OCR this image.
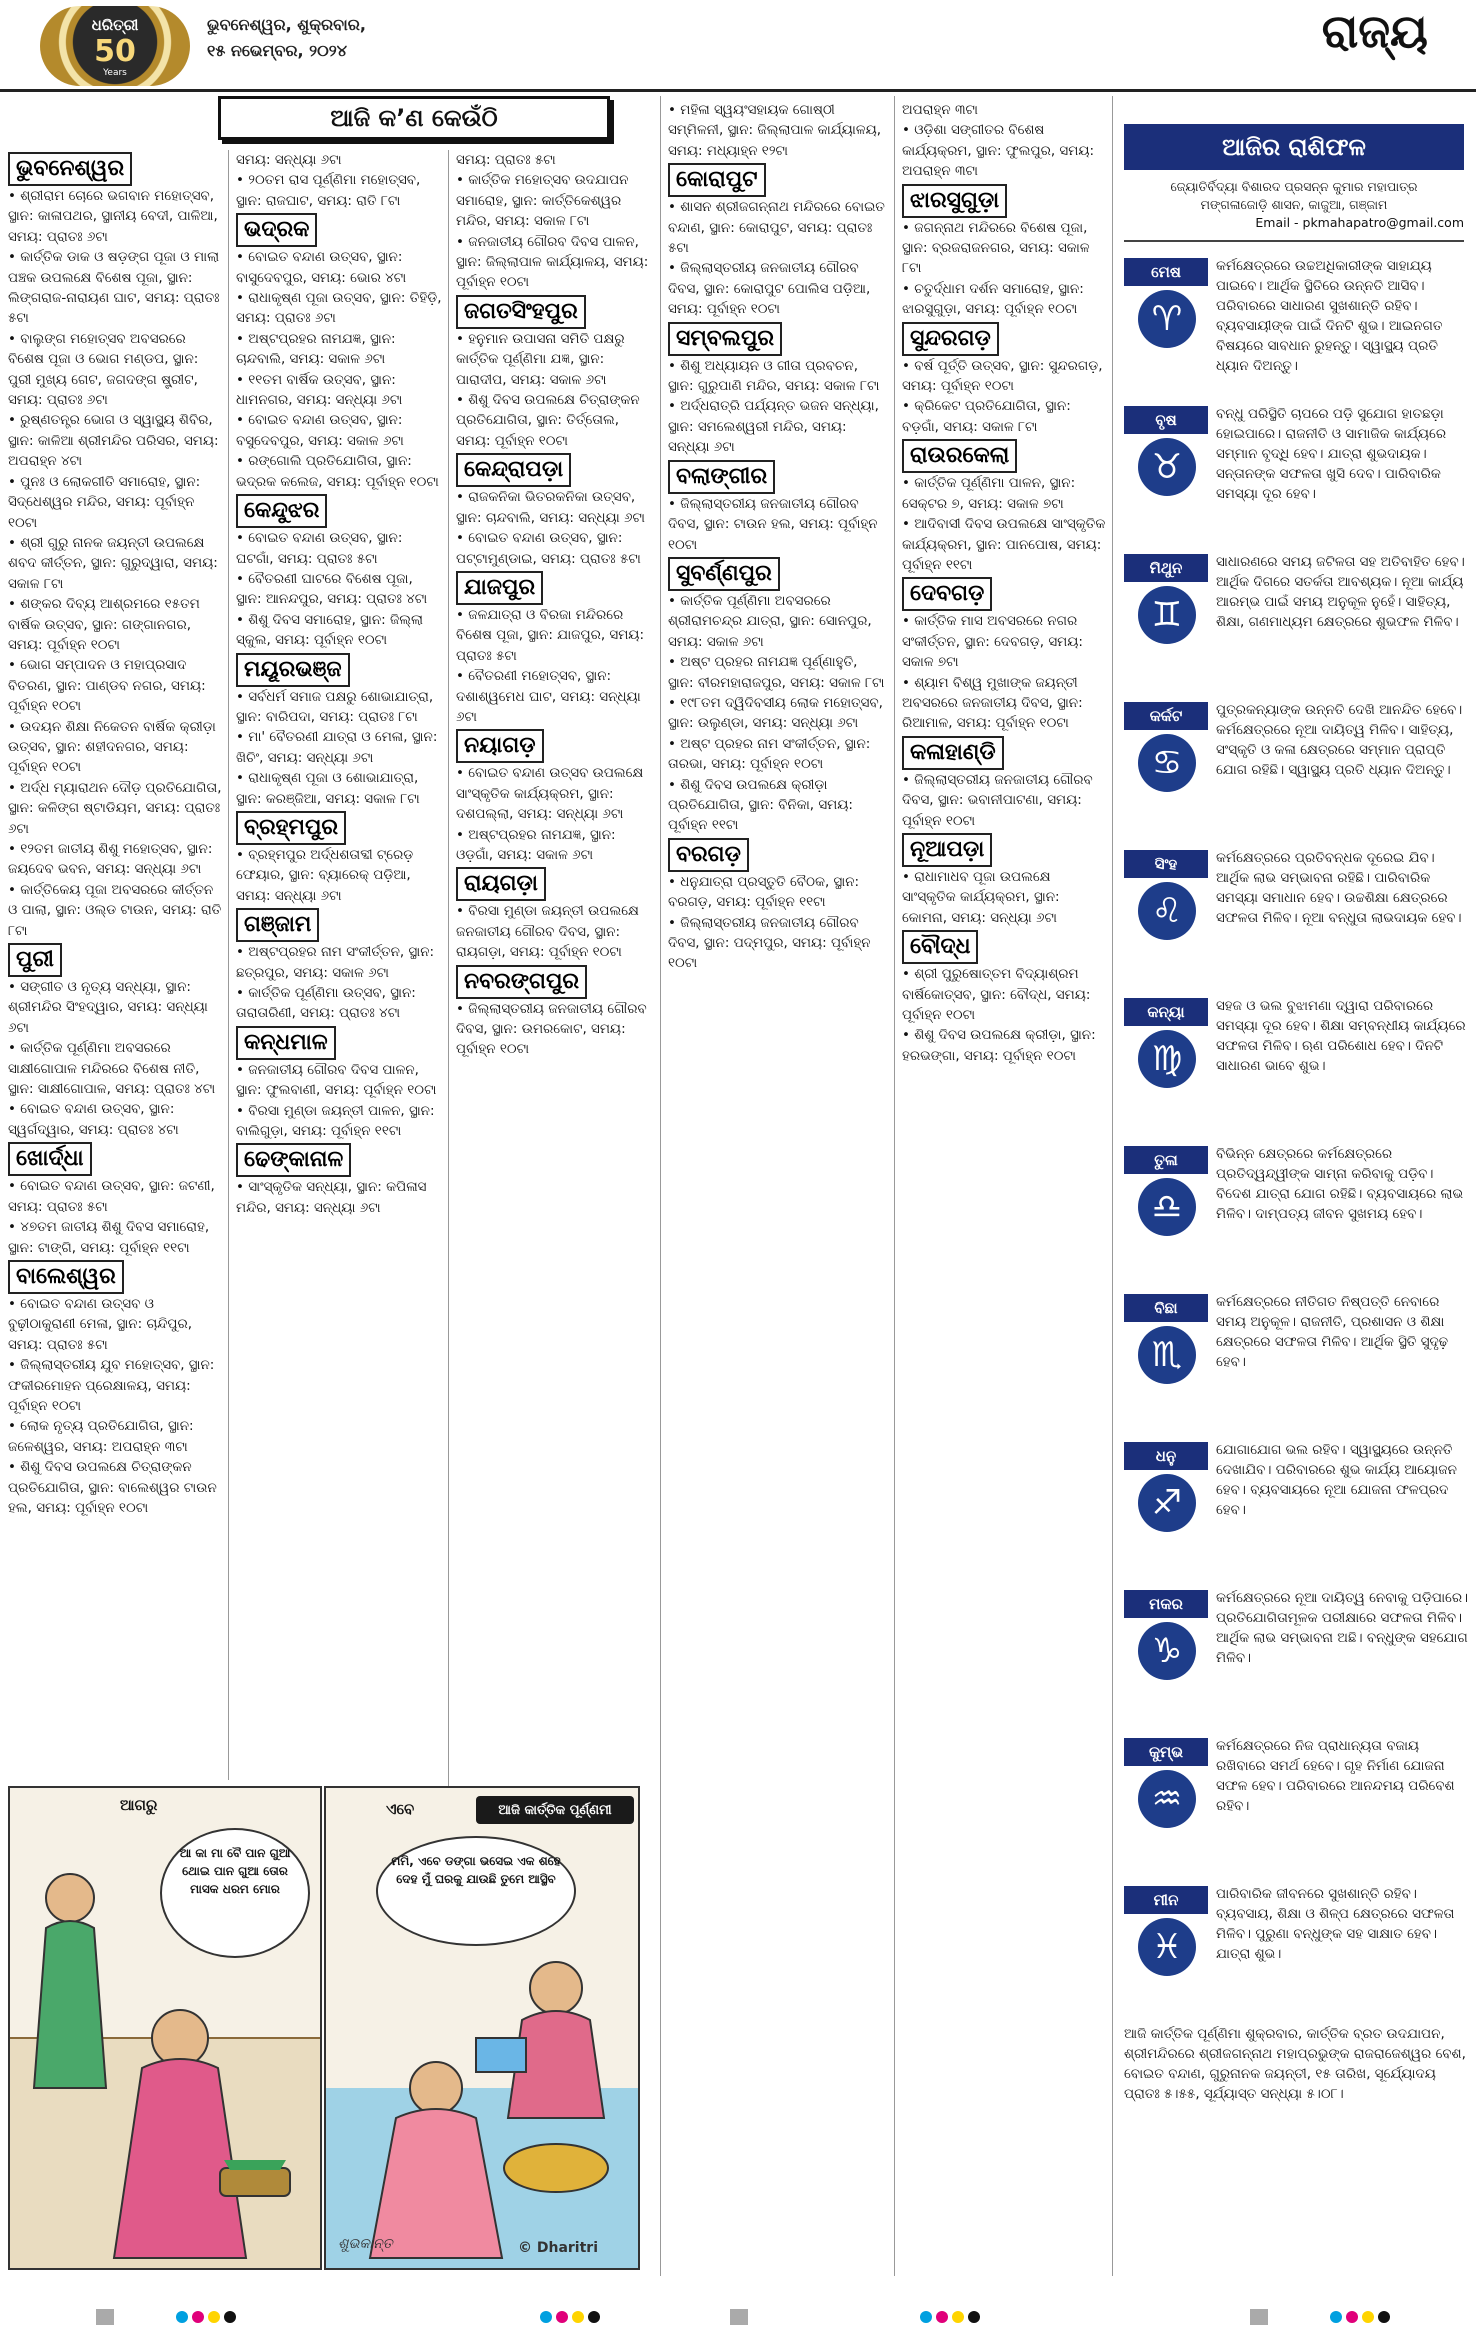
ଧରିତ୍ରୀ
50
Years
ଭୁବନେଶ୍ୱର, ଶୁକ୍ରବାର,
୧୫ ନଭେମ୍ବର, ୨୦୨୪	ରାଜ୍ୟ
ଆଜି କ’ଣ କେଉଁଠି
ଭୁବନେଶ୍ୱର

• ଶ୍ରୀରାମ ଚୋରେ ଭଗବାନ ମହୋତ୍ସବ, ସ୍ଥାନ: କାଳାପଥର, ସ୍ଥାନୀୟ ବେଦୀ, ପାଳିଆ, ସମୟ: ପ୍ରାତଃ ୬ଟା

• କାର୍ତ୍ତିକ ଡାକ ଓ ଷଡ଼ଙ୍ଗ ପୂଜା ଓ ମାଲା ପଞ୍ଚକ ଉପଲକ୍ଷେ ବିଶେଷ ପୂଜା, ସ୍ଥାନ: ଲିଙ୍ଗରାଜ-ନାରାୟଣ ଘାଟ, ସମୟ: ପ୍ରାତଃ ୫ଟା

• ବାଲୁଙ୍ଗ ମହୋତ୍ସବ ଅବସରରେ ବିଶେଷ ପୂଜା ଓ ଭୋଗ ମଣ୍ଡପ, ସ୍ଥାନ: ପୁରୀ ମୁଖ୍ୟ ଗେଟ, ଜଗଦଙ୍ଗ ଷ୍ଟ୍ରୀଟ, ସମୟ: ପ୍ରାତଃ ୬ଟା

• ରୁଷ୍ଣତନ୍ତ୍ର ଭୋଗ ଓ ସ୍ୱାସ୍ଥ୍ୟ ଶିବିର, ସ୍ଥାନ: କାଳିଆ ଶ୍ରୀମନ୍ଦିର ପରିସର, ସମୟ: ଅପରାହ୍ନ ୪ଟା

• ପୁନଃ ଓ ଲୋକଗୀତି ସମାରୋହ, ସ୍ଥାନ: ସିଦ୍ଧେଶ୍ୱର ମନ୍ଦିର, ସମୟ: ପୂର୍ବାହ୍ନ ୧୦ଟା

• ଶ୍ରୀ ଗୁରୁ ନାନକ ଜୟନ୍ତୀ ଉପଲକ୍ଷେ ଶବଦ କୀର୍ତ୍ତନ, ସ୍ଥାନ: ଗୁରୁଦ୍ୱାରା, ସମୟ: ସକାଳ ୮ଟା

• ଶଙ୍କର ଦିବ୍ୟ ଆଶ୍ରମରେ ୧୫ତମ ବାର୍ଷିକ ଉତ୍ସବ, ସ୍ଥାନ: ଗଙ୍ଗାନଗର, ସମୟ: ପୂର୍ବାହ୍ନ ୧୦ଟା

• ଭୋଗ ସମ୍ପାଦନ ଓ ମହାପ୍ରସାଦ ବିତରଣ, ସ୍ଥାନ: ପାଣ୍ଡବ ନଗର, ସମୟ: ପୂର୍ବାହ୍ନ ୧୦ଟା

• ଉଦୟନ ଶିକ୍ଷା ନିକେତନ ବାର୍ଷିକ କ୍ରୀଡ଼ା ଉତ୍ସବ, ସ୍ଥାନ: ଶହୀଦନଗର, ସମୟ: ପୂର୍ବାହ୍ନ ୧୦ଟା

• ଅର୍ଦ୍ଧ ମ୍ୟାରାଥନ ଦୌଡ଼ ପ୍ରତିଯୋଗିତା, ସ୍ଥାନ: କଳିଙ୍ଗ ଷ୍ଟାଡିୟମ, ସମୟ: ପ୍ରାତଃ ୬ଟା

• ୧୨ତମ ଜାତୀୟ ଶିଶୁ ମହୋତ୍ସବ, ସ୍ଥାନ: ଜୟଦେବ ଭବନ, ସମୟ: ସନ୍ଧ୍ୟା ୬ଟା

• କାର୍ତ୍ତିକେୟ ପୂଜା ଅବସରରେ କୀର୍ତ୍ତନ ଓ ପାଲା, ସ୍ଥାନ: ଓଲ୍ଡ ଟାଉନ, ସମୟ: ରାତି ୮ଟା

ପୁରୀ

• ସଙ୍ଗୀତ ଓ ନୃତ୍ୟ ସନ୍ଧ୍ୟା, ସ୍ଥାନ: ଶ୍ରୀମନ୍ଦିର ସିଂହଦ୍ୱାର, ସମୟ: ସନ୍ଧ୍ୟା ୬ଟା

• କାର୍ତ୍ତିକ ପୂର୍ଣ୍ଣିମା ଅବସରରେ ସାକ୍ଷୀଗୋପାଳ ମନ୍ଦିରରେ ବିଶେଷ ନୀତି, ସ୍ଥାନ: ସାକ୍ଷୀଗୋପାଳ, ସମୟ: ପ୍ରାତଃ ୪ଟା

• ବୋଇତ ବନ୍ଦାଣ ଉତ୍ସବ, ସ୍ଥାନ: ସ୍ୱର୍ଗଦ୍ୱାର, ସମୟ: ପ୍ରାତଃ ୪ଟା

ଖୋର୍ଦ୍ଧା

• ବୋଇତ ବନ୍ଦାଣ ଉତ୍ସବ, ସ୍ଥାନ: ଜଟଣୀ, ସମୟ: ପ୍ରାତଃ ୫ଟା

• ୪୭ତମ ଜାତୀୟ ଶିଶୁ ଦିବସ ସମାରୋହ, ସ୍ଥାନ: ଟାଙ୍ଗି, ସମୟ: ପୂର୍ବାହ୍ନ ୧୧ଟା

ବାଲେଶ୍ୱର

• ବୋଇତ ବନ୍ଦାଣ ଉତ୍ସବ ଓ ବୁଢ଼ୀଠାକୁରାଣୀ ମେଳା, ସ୍ଥାନ: ଚାନ୍ଦିପୁର, ସମୟ: ପ୍ରାତଃ ୫ଟା

• ଜିଲ୍ଲାସ୍ତରୀୟ ଯୁବ ମହୋତ୍ସବ, ସ୍ଥାନ: ଫକୀରମୋହନ ପ୍ରେକ୍ଷାଳୟ, ସମୟ: ପୂର୍ବାହ୍ନ ୧୦ଟା

• ଲୋକ ନୃତ୍ୟ ପ୍ରତିଯୋଗିତା, ସ୍ଥାନ: ଜଳେଶ୍ୱର, ସମୟ: ଅପରାହ୍ନ ୩ଟା

• ଶିଶୁ ଦିବସ ଉପଲକ୍ଷେ ଚିତ୍ରାଙ୍କନ ପ୍ରତିଯୋଗିତା, ସ୍ଥାନ: ବାଲେଶ୍ୱର ଟାଉନ ହଲ, ସମୟ: ପୂର୍ବାହ୍ନ ୧୦ଟା

ସମୟ: ସନ୍ଧ୍ୟା ୬ଟା

• ୨୦ତମ ରାସ ପୂର୍ଣ୍ଣିମା ମହୋତ୍ସବ, ସ୍ଥାନ: ରାଜଘାଟ, ସମୟ: ରାତି ୮ଟା

ଭଦ୍ରକ

• ବୋଇତ ବନ୍ଦାଣ ଉତ୍ସବ, ସ୍ଥାନ: ବାସୁଦେବପୁର, ସମୟ: ଭୋର ୪ଟା

• ରାଧାକୃଷ୍ଣ ପୂଜା ଉତ୍ସବ, ସ୍ଥାନ: ତିହିଡ଼ି, ସମୟ: ପ୍ରାତଃ ୬ଟା

• ଅଷ୍ଟପ୍ରହର ନାମଯଜ୍ଞ, ସ୍ଥାନ: ଚାନ୍ଦବାଲି, ସମୟ: ସକାଳ ୬ଟା

• ୧୧ତମ ବାର୍ଷିକ ଉତ୍ସବ, ସ୍ଥାନ: ଧାମନଗର, ସମୟ: ସନ୍ଧ୍ୟା ୬ଟା

• ବୋଇତ ବନ୍ଦାଣ ଉତ୍ସବ, ସ୍ଥାନ: ବସୁଦେବପୁର, ସମୟ: ସକାଳ ୬ଟା

• ରଙ୍ଗୋଲି ପ୍ରତିଯୋଗିତା, ସ୍ଥାନ: ଭଦ୍ରକ କଲେଜ, ସମୟ: ପୂର୍ବାହ୍ନ ୧୦ଟା

କେନ୍ଦୁଝର

• ବୋଇତ ବନ୍ଦାଣ ଉତ୍ସବ, ସ୍ଥାନ: ଘଟଗାଁ, ସମୟ: ପ୍ରାତଃ ୫ଟା

• ବୈତରଣୀ ଘାଟରେ ବିଶେଷ ପୂଜା, ସ୍ଥାନ: ଆନନ୍ଦପୁର, ସମୟ: ପ୍ରାତଃ ୪ଟା

• ଶିଶୁ ଦିବସ ସମାରୋହ, ସ୍ଥାନ: ଜିଲ୍ଲା ସ୍କୁଲ, ସମୟ: ପୂର୍ବାହ୍ନ ୧୦ଟା

ମୟୂରଭଞ୍ଜ

• ସର୍ବଧର୍ମ ସମାଜ ପକ୍ଷରୁ ଶୋଭାଯାତ୍ରା, ସ୍ଥାନ: ବାରିପଦା, ସମୟ: ପ୍ରାତଃ ୮ଟା

• ମା' ବୈତରଣୀ ଯାତ୍ରା ଓ ମେଳା, ସ୍ଥାନ: ଖିଚିଂ, ସମୟ: ସନ୍ଧ୍ୟା ୬ଟା

• ରାଧାକୃଷ୍ଣ ପୂଜା ଓ ଶୋଭାଯାତ୍ରା, ସ୍ଥାନ: କରଞ୍ଜିଆ, ସମୟ: ସକାଳ ୮ଟା

ବ୍ରହ୍ମପୁର

• ବ୍ରହ୍ମପୁର ଅର୍ଦ୍ଧଶତାବ୍ଦୀ ଟ୍ରେଡ଼ ଫେୟାର, ସ୍ଥାନ: ବ୍ୟାରେକ୍ ପଡ଼ିଆ, ସମୟ: ସନ୍ଧ୍ୟା ୬ଟା

ଗଞ୍ଜାମ

• ଅଷ୍ଟପ୍ରହର ନାମ ସଂକୀର୍ତ୍ତନ, ସ୍ଥାନ: ଛତ୍ରପୁର, ସମୟ: ସକାଳ ୬ଟା

• କାର୍ତ୍ତିକ ପୂର୍ଣ୍ଣିମା ଉତ୍ସବ, ସ୍ଥାନ: ତାରାତାରିଣୀ, ସମୟ: ପ୍ରାତଃ ୪ଟା

କନ୍ଧମାଳ

• ଜନଜାତୀୟ ଗୌରବ ଦିବସ ପାଳନ, ସ୍ଥାନ: ଫୁଲବାଣୀ, ସମୟ: ପୂର୍ବାହ୍ନ ୧୦ଟା

• ବିରସା ମୁଣ୍ଡା ଜୟନ୍ତୀ ପାଳନ, ସ୍ଥାନ: ବାଲିଗୁଡ଼ା, ସମୟ: ପୂର୍ବାହ୍ନ ୧୧ଟା

ଢେଙ୍କାନାଳ

• ସାଂସ୍କୃତିକ ସନ୍ଧ୍ୟା, ସ୍ଥାନ: କପିଳାସ ମନ୍ଦିର, ସମୟ: ସନ୍ଧ୍ୟା ୬ଟା

ସମୟ: ପ୍ରାତଃ ୫ଟା

• କାର୍ତ୍ତିକ ମହୋତ୍ସବ ଉଦଯାପନ ସମାରୋହ, ସ୍ଥାନ: କାର୍ତ୍ତିକେଶ୍ୱର ମନ୍ଦିର, ସମୟ: ସକାଳ ୮ଟା

• ଜନଜାତୀୟ ଗୌରବ ଦିବସ ପାଳନ, ସ୍ଥାନ: ଜିଲ୍ଲାପାଳ କାର୍ଯ୍ୟାଳୟ, ସମୟ: ପୂର୍ବାହ୍ନ ୧୦ଟା

ଜଗତସିଂହପୁର

• ହନୁମାନ ଉପାସନା ସମିତି ପକ୍ଷରୁ କାର୍ତ୍ତିକ ପୂର୍ଣ୍ଣିମା ଯଜ୍ଞ, ସ୍ଥାନ: ପାରାଦୀପ, ସମୟ: ସକାଳ ୬ଟା

• ଶିଶୁ ଦିବସ ଉପଲକ୍ଷେ ଚିତ୍ରାଙ୍କନ ପ୍ରତିଯୋଗିତା, ସ୍ଥାନ: ତିର୍ତ୍ତୋଲ, ସମୟ: ପୂର୍ବାହ୍ନ ୧୦ଟା

କେନ୍ଦ୍ରାପଡ଼ା

• ରାଜକନିକା ଭିତରକନିକା ଉତ୍ସବ, ସ୍ଥାନ: ଚାନ୍ଦବାଲି, ସମୟ: ସନ୍ଧ୍ୟା ୬ଟା

• ବୋଇତ ବନ୍ଦାଣ ଉତ୍ସବ, ସ୍ଥାନ: ପଟ୍ଟାମୁଣ୍ଡାଇ, ସମୟ: ପ୍ରାତଃ ୫ଟା

ଯାଜପୁର

• ଜଳଯାତ୍ରା ଓ ବିରଜା ମନ୍ଦିରରେ ବିଶେଷ ପୂଜା, ସ୍ଥାନ: ଯାଜପୁର, ସମୟ: ପ୍ରାତଃ ୫ଟା

• ବୈତରଣୀ ମହୋତ୍ସବ, ସ୍ଥାନ: ଦଶାଶ୍ୱମେଧ ଘାଟ, ସମୟ: ସନ୍ଧ୍ୟା ୬ଟା

ନୟାଗଡ଼

• ବୋଇତ ବନ୍ଦାଣ ଉତ୍ସବ ଉପଲକ୍ଷେ ସାଂସ୍କୃତିକ କାର୍ଯ୍ୟକ୍ରମ, ସ୍ଥାନ: ଦଶପଲ୍ଲା, ସମୟ: ସନ୍ଧ୍ୟା ୬ଟା

• ଅଷ୍ଟପ୍ରହର ନାମଯଜ୍ଞ, ସ୍ଥାନ: ଓଡ଼ଗାଁ, ସମୟ: ସକାଳ ୬ଟା

ରାୟଗଡ଼ା

• ବିରସା ମୁଣ୍ଡା ଜୟନ୍ତୀ ଉପଲକ୍ଷେ ଜନଜାତୀୟ ଗୌରବ ଦିବସ, ସ୍ଥାନ: ରାୟଗଡ଼ା, ସମୟ: ପୂର୍ବାହ୍ନ ୧୦ଟା

ନବରଙ୍ଗପୁର

• ଜିଲ୍ଲାସ୍ତରୀୟ ଜନଜାତୀୟ ଗୌରବ ଦିବସ, ସ୍ଥାନ: ଉମରକୋଟ, ସମୟ: ପୂର୍ବାହ୍ନ ୧୦ଟା

• ମହିଳା ସ୍ୱୟଂସହାୟକ ଗୋଷ୍ଠୀ ସମ୍ମିଳନୀ, ସ୍ଥାନ: ଜିଲ୍ଲାପାଳ କାର୍ଯ୍ୟାଳୟ, ସମୟ: ମଧ୍ୟାହ୍ନ ୧୨ଟା

କୋରାପୁଟ

• ଶାସନ ଶ୍ରୀଜଗନ୍ନାଥ ମନ୍ଦିରରେ ବୋଇତ ବନ୍ଦାଣ, ସ୍ଥାନ: କୋରାପୁଟ, ସମୟ: ପ୍ରାତଃ ୫ଟା

• ଜିଲ୍ଲାସ୍ତରୀୟ ଜନଜାତୀୟ ଗୌରବ ଦିବସ, ସ୍ଥାନ: କୋରାପୁଟ ପୋଲିସ ପଡ଼ିଆ, ସମୟ: ପୂର୍ବାହ୍ନ ୧୦ଟା

ସମ୍ବଲପୁର

• ଶିଶୁ ଅଧ୍ୟାୟନ ଓ ଗୀତା ପ୍ରବଚନ, ସ୍ଥାନ: ଗୁରୁପାଣି ମନ୍ଦିର, ସମୟ: ସକାଳ ୮ଟା

• ଅର୍ଦ୍ଧରାତ୍ରି ପର୍ଯ୍ୟନ୍ତ ଭଜନ ସନ୍ଧ୍ୟା, ସ୍ଥାନ: ସମଲେଶ୍ୱରୀ ମନ୍ଦିର, ସମୟ: ସନ୍ଧ୍ୟା ୬ଟା

ବଲାଙ୍ଗୀର

• ଜିଲ୍ଲାସ୍ତରୀୟ ଜନଜାତୀୟ ଗୌରବ ଦିବସ, ସ୍ଥାନ: ଟାଉନ ହଲ, ସମୟ: ପୂର୍ବାହ୍ନ ୧୦ଟା

ସୁବର୍ଣ୍ଣପୁର

• କାର୍ତ୍ତିକ ପୂର୍ଣ୍ଣିମା ଅବସରରେ ଶ୍ରୀରାମଚନ୍ଦ୍ର ଯାତ୍ରା, ସ୍ଥାନ: ସୋନପୁର, ସମୟ: ସକାଳ ୬ଟା

• ଅଷ୍ଟ ପ୍ରହର ନାମଯଜ୍ଞ ପୂର୍ଣ୍ଣାହୁତି, ସ୍ଥାନ: ବୀରମହାରାଜପୁର, ସମୟ: ସକାଳ ୮ଟା

• ୧୯୮ତମ ଦ୍ୱିଦିବସୀୟ ଲୋକ ମହୋତ୍ସବ, ସ୍ଥାନ: ଉଲୁଣ୍ଡା, ସମୟ: ସନ୍ଧ୍ୟା ୬ଟା

• ଅଷ୍ଟ ପ୍ରହର ନାମ ସଂକୀର୍ତ୍ତନ, ସ୍ଥାନ: ତାରଭା, ସମୟ: ପୂର୍ବାହ୍ନ ୧୦ଟା

• ଶିଶୁ ଦିବସ ଉପଲକ୍ଷେ କ୍ରୀଡ଼ା ପ୍ରତିଯୋଗିତା, ସ୍ଥାନ: ବିନିକା, ସମୟ: ପୂର୍ବାହ୍ନ ୧୧ଟା

ବରଗଡ଼

• ଧନୁଯାତ୍ରା ପ୍ରସ୍ତୁତି ବୈଠକ, ସ୍ଥାନ: ବରଗଡ଼, ସମୟ: ପୂର୍ବାହ୍ନ ୧୧ଟା

• ଜିଲ୍ଲାସ୍ତରୀୟ ଜନଜାତୀୟ ଗୌରବ ଦିବସ, ସ୍ଥାନ: ପଦ୍ମପୁର, ସମୟ: ପୂର୍ବାହ୍ନ ୧୦ଟା

ଅପରାହ୍ନ ୩ଟା

• ଓଡ଼ିଶା ସଙ୍ଗୀତର ବିଶେଷ କାର୍ଯ୍ୟକ୍ରମ, ସ୍ଥାନ: ଫୁଲପୁର, ସମୟ: ଅପରାହ୍ନ ୩ଟା

ଝାରସୁଗୁଡ଼ା

• ଜଗନ୍ନାଥ ମନ୍ଦିରରେ ବିଶେଷ ପୂଜା, ସ୍ଥାନ: ବ୍ରଜରାଜନଗର, ସମୟ: ସକାଳ ୮ଟା

• ଚତୁର୍ଦ୍ଧାମ ଦର୍ଶନ ସମାରୋହ, ସ୍ଥାନ: ଝାରସୁଗୁଡ଼ା, ସମୟ: ପୂର୍ବାହ୍ନ ୧୦ଟା

ସୁନ୍ଦରଗଡ଼

• ବର୍ଷ ପୂର୍ତ୍ତି ଉତ୍ସବ, ସ୍ଥାନ: ସୁନ୍ଦରଗଡ଼, ସମୟ: ପୂର୍ବାହ୍ନ ୧୦ଟା

• କ୍ରିକେଟ ପ୍ରତିଯୋଗିତା, ସ୍ଥାନ: ବଡ଼ଗାଁ, ସମୟ: ସକାଳ ୮ଟା

ରାଉରକେଲା

• କାର୍ତ୍ତିକ ପୂର୍ଣ୍ଣିମା ପାଳନ, ସ୍ଥାନ: ସେକ୍ଟର ୭, ସମୟ: ସକାଳ ୭ଟା

• ଆଦିବାସୀ ଦିବସ ଉପଲକ୍ଷେ ସାଂସ୍କୃତିକ କାର୍ଯ୍ୟକ୍ରମ, ସ୍ଥାନ: ପାନପୋଷ, ସମୟ: ପୂର୍ବାହ୍ନ ୧୧ଟା

ଦେବଗଡ଼

• କାର୍ତ୍ତିକ ମାସ ଅବସରରେ ନଗର ସଂକୀର୍ତ୍ତନ, ସ୍ଥାନ: ଦେବଗଡ଼, ସମୟ: ସକାଳ ୭ଟା

• ଶ୍ୟାମ ବିଶ୍ୱ ମୁଖାଙ୍କ ଜୟନ୍ତୀ ଅବସରରେ ଜନଜାତୀୟ ଦିବସ, ସ୍ଥାନ: ରିଆମାଳ, ସମୟ: ପୂର୍ବାହ୍ନ ୧୦ଟା

କଳାହାଣ୍ଡି

• ଜିଲ୍ଲାସ୍ତରୀୟ ଜନଜାତୀୟ ଗୌରବ ଦିବସ, ସ୍ଥାନ: ଭବାନୀପାଟଣା, ସମୟ: ପୂର୍ବାହ୍ନ ୧୦ଟା

ନୂଆପଡ଼ା

• ରାଧାମାଧବ ପୂଜା ଉପଲକ୍ଷେ ସାଂସ୍କୃତିକ କାର୍ଯ୍ୟକ୍ରମ, ସ୍ଥାନ: କୋମନା, ସମୟ: ସନ୍ଧ୍ୟା ୬ଟା

ବୌଦ୍ଧ

• ଶ୍ରୀ ପୁରୁଷୋତ୍ତମ ବିଦ୍ୟାଶ୍ରମ ବାର୍ଷିକୋତ୍ସବ, ସ୍ଥାନ: ବୌଦ୍ଧ, ସମୟ: ପୂର୍ବାହ୍ନ ୧୦ଟା

• ଶିଶୁ ଦିବସ ଉପଲକ୍ଷେ କ୍ରୀଡ଼ା, ସ୍ଥାନ: ହରଭଙ୍ଗା, ସମୟ: ପୂର୍ବାହ୍ନ ୧୦ଟା

ଆଗରୁ
ଆ କା ମା ବୈ ପାନ ଗୁଆ ଥୋଇ ପାନ ଗୁଆ ତୋର ମାସକ ଧରମ ମୋର
ଏବେ	ଆଜି କାର୍ତ୍ତିକ ପୂର୍ଣ୍ଣମୀ
ମମି, ଏବେ ଡଙ୍ଗା ଭସେଇ ଏକ ଶହେ ଦେହ ମୁଁ ଘରକୁ ଯାଉଛି ତୁମେ ଆସ୍ଥିବ
ଶୁଭକାନ୍ତ	© Dharitri
ଆଜିର ରାଶିଫଳ
ଜ୍ୟୋତିର୍ବିଦ୍ୟା ବିଶାରଦ ପ୍ରସନ୍ନ କୁମାର ମହାପାତ୍ର
ମଙ୍ଗଳାଜୋଡ଼ି ଶାସନ, କାଜୁଆ, ଗଞ୍ଜାମ
Email - pkmahapatro@gmail.com
ମେଷ
♈
କର୍ମକ୍ଷେତ୍ରରେ ଉଚ୍ଚଅଧିକାରୀଙ୍କ ସାହାଯ୍ୟ ପାଇବେ। ଆର୍ଥିକ ସ୍ଥିତିରେ ଉନ୍ନତି ଆସିବ। ପରିବାରରେ ସାଧାରଣ ସୁଖଶାନ୍ତି ରହିବ। ବ୍ୟବସାୟୀଙ୍କ ପାଇଁ ଦିନଟି ଶୁଭ। ଆଇନଗତ ବିଷୟରେ ସାବଧାନ ରୁହନ୍ତୁ। ସ୍ୱାସ୍ଥ୍ୟ ପ୍ରତି ଧ୍ୟାନ ଦିଅନ୍ତୁ।
ବୃଷ
♉
ବନ୍ଧୁ ପରିସ୍ଥିତି ଚାପରେ ପଡ଼ି ସୁଯୋଗ ହାତଛଡ଼ା ହୋଇପାରେ। ରାଜନୀତି ଓ ସାମାଜିକ କାର୍ଯ୍ୟରେ ସମ୍ମାନ ବୃଦ୍ଧି ହେବ। ଯାତ୍ରା ଶୁଭଦାୟକ। ସନ୍ତାନଙ୍କ ସଫଳତା ଖୁସି ଦେବ। ପାରିବାରିକ ସମସ୍ୟା ଦୂର ହେବ।
ମିଥୁନ
♊
ସାଧାରଣରେ ସମୟ ଜଟିଳତା ସହ ଅତିବାହିତ ହେବ। ଆର୍ଥିକ ଦିଗରେ ସତର୍କତା ଆବଶ୍ୟକ। ନୂଆ କାର୍ଯ୍ୟ ଆରମ୍ଭ ପାଇଁ ସମୟ ଅନୁକୂଳ ନୁହେଁ। ସାହିତ୍ୟ, ଶିକ୍ଷା, ଗଣମାଧ୍ୟମ କ୍ଷେତ୍ରରେ ଶୁଭଫଳ ମିଳିବ।
କର୍କଟ
♋
ପୁତ୍ରକନ୍ୟାଙ୍କ ଉନ୍ନତି ଦେଖି ଆନନ୍ଦିତ ହେବେ। କର୍ମକ୍ଷେତ୍ରରେ ନୂଆ ଦାୟିତ୍ୱ ମିଳିବ। ସାହିତ୍ୟ, ସଂସ୍କୃତି ଓ କଳା କ୍ଷେତ୍ରରେ ସମ୍ମାନ ପ୍ରାପ୍ତି ଯୋଗ ରହିଛି। ସ୍ୱାସ୍ଥ୍ୟ ପ୍ରତି ଧ୍ୟାନ ଦିଅନ୍ତୁ।
ସିଂହ
♌
କର୍ମକ୍ଷେତ୍ରରେ ପ୍ରତିବନ୍ଧକ ଦୂରେଇ ଯିବ। ଆର୍ଥିକ ଲାଭ ସମ୍ଭାବନା ରହିଛି। ପାରିବାରିକ ସମସ୍ୟା ସମାଧାନ ହେବ। ଉଚ୍ଚଶିକ୍ଷା କ୍ଷେତ୍ରରେ ସଫଳତା ମିଳିବ। ନୂଆ ବନ୍ଧୁତା ଲାଭଦାୟକ ହେବ।
କନ୍ୟା
♍
ସହଜ ଓ ଭଲ ବୁଝାମଣା ଦ୍ୱାରା ପରିବାରରେ ସମସ୍ୟା ଦୂର ହେବ। ଶିକ୍ଷା ସମ୍ବନ୍ଧୀୟ କାର୍ଯ୍ୟରେ ସଫଳତା ମିଳିବ। ଋଣ ପରିଶୋଧ ହେବ। ଦିନଟି ସାଧାରଣ ଭାବେ ଶୁଭ।
ତୁଳା
♎
ବିଭିନ୍ନ କ୍ଷେତ୍ରରେ କର୍ମକ୍ଷେତ୍ରରେ ପ୍ରତିଦ୍ୱନ୍ଦ୍ୱୀଙ୍କ ସାମ୍ନା କରିବାକୁ ପଡ଼ିବ। ବିଦେଶ ଯାତ୍ରା ଯୋଗ ରହିଛି। ବ୍ୟବସାୟରେ ଲାଭ ମିଳିବ। ଦାମ୍ପତ୍ୟ ଜୀବନ ସୁଖମୟ ହେବ।
ବିଛା
♏
କର୍ମକ୍ଷେତ୍ରରେ ନୀତିଗତ ନିଷ୍ପତ୍ତି ନେବାରେ ସମୟ ଅନୁକୂଳ। ରାଜନୀତି, ପ୍ରଶାସନ ଓ ଶିକ୍ଷା କ୍ଷେତ୍ରରେ ସଫଳତା ମିଳିବ। ଆର୍ଥିକ ସ୍ଥିତି ସୁଦୃଢ଼ ହେବ।
ଧନୁ
♐
ଯୋଗାଯୋଗ ଭଲ ରହିବ। ସ୍ୱାସ୍ଥ୍ୟରେ ଉନ୍ନତି ଦେଖାଯିବ। ପରିବାରରେ ଶୁଭ କାର୍ଯ୍ୟ ଆୟୋଜନ ହେବ। ବ୍ୟବସାୟରେ ନୂଆ ଯୋଜନା ଫଳପ୍ରଦ ହେବ।
ମକର
♑
କର୍ମକ୍ଷେତ୍ରରେ ନୂଆ ଦାୟିତ୍ୱ ନେବାକୁ ପଡ଼ିପାରେ। ପ୍ରତିଯୋଗିତାମୂଳକ ପରୀକ୍ଷାରେ ସଫଳତା ମିଳିବ। ଆର୍ଥିକ ଲାଭ ସମ୍ଭାବନା ଅଛି। ବନ୍ଧୁଙ୍କ ସହଯୋଗ ମିଳିବ।
କୁମ୍ଭ
♒
କର୍ମକ୍ଷେତ୍ରରେ ନିଜ ପ୍ରାଧାନ୍ୟତା ବଜାୟ ରଖିବାରେ ସମର୍ଥ ହେବେ। ଗୃହ ନିର୍ମାଣ ଯୋଜନା ସଫଳ ହେବ। ପରିବାରରେ ଆନନ୍ଦମୟ ପରିବେଶ ରହିବ।
ମୀନ
♓
ପାରିବାରିକ ଜୀବନରେ ସୁଖଶାନ୍ତି ରହିବ। ବ୍ୟବସାୟ, ଶିକ୍ଷା ଓ ଶିଳ୍ପ କ୍ଷେତ୍ରରେ ସଫଳତା ମିଳିବ। ପୁରୁଣା ବନ୍ଧୁଙ୍କ ସହ ସାକ୍ଷାତ ହେବ। ଯାତ୍ରା ଶୁଭ।
ଆଜି କାର୍ତ୍ତିକ ପୂର୍ଣ୍ଣିମା ଶୁକ୍ରବାର, କାର୍ତ୍ତିକ ବ୍ରତ ଉଦଯାପନ, ଶ୍ରୀମନ୍ଦିରରେ ଶ୍ରୀଜଗନ୍ନାଥ ମହାପ୍ରଭୁଙ୍କ ରାଜରାଜେଶ୍ୱର ବେଶ, ବୋଇତ ବନ୍ଦାଣ, ଗୁରୁନାନକ ଜୟନ୍ତୀ, ୧୫ ତାରିଖ, ସୂର୍ଯ୍ୟୋଦୟ ପ୍ରାତଃ ୫।୫୫, ସୂର୍ଯ୍ୟାସ୍ତ ସନ୍ଧ୍ୟା ୫।୦୮।
